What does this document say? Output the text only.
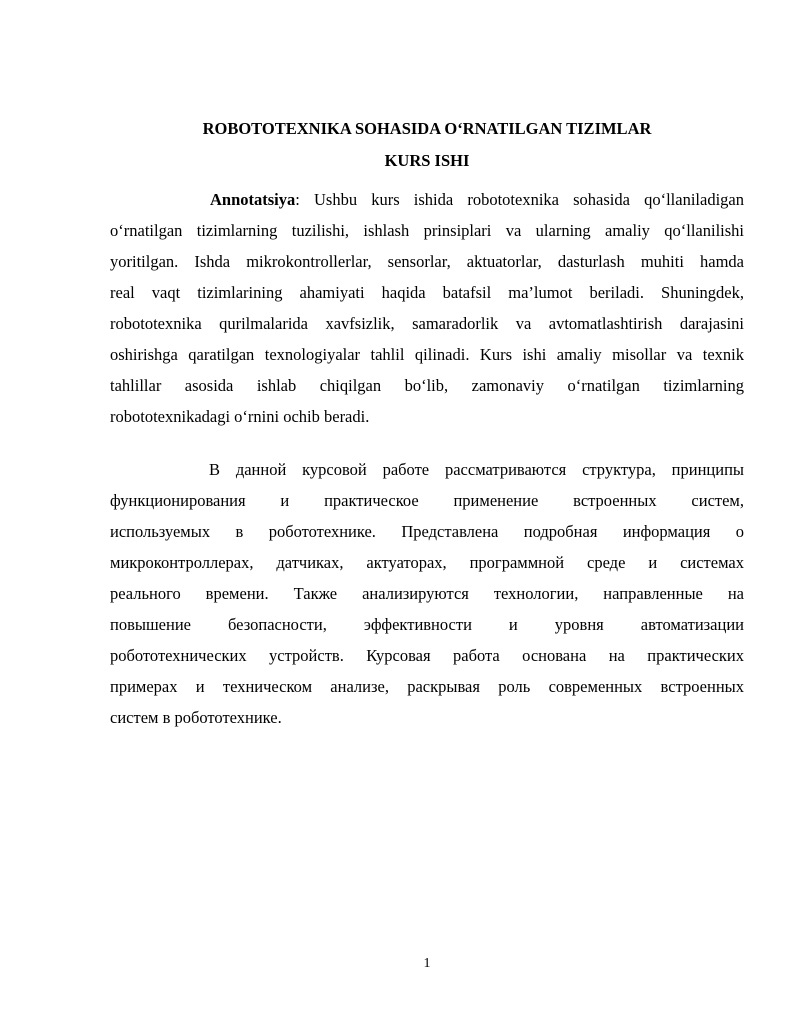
ROBOTOTEXNIKA SOHASIDA O‘RNATILGAN TIZIMLAR
KURS ISHI
Annotatsiya: Ushbu kurs ishida robototexnika sohasida qo‘llaniladigan
o‘rnatilgan tizimlarning tuzilishi, ishlash prinsiplari va ularning amaliy qo‘llanilishi
yoritilgan. Ishda mikrokontrollerlar, sensorlar, aktuatorlar, dasturlash muhiti hamda
real vaqt tizimlarining ahamiyati haqida batafsil ma’lumot beriladi. Shuningdek,
robototexnika qurilmalarida xavfsizlik, samaradorlik va avtomatlashtirish darajasini
oshirishga qaratilgan texnologiyalar tahlil qilinadi. Kurs ishi amaliy misollar va texnik
tahlillar asosida ishlab chiqilgan bo‘lib, zamonaviy o‘rnatilgan tizimlarning
robototexnikadagi o‘rnini ochib beradi.
В данной курсовой работе рассматриваются структура, принципы
функционирования и практическое применение встроенных систем,
используемых в робототехнике. Представлена подробная информация о
микроконтроллерах, датчиках, актуаторах, программной среде и системах
реального времени. Также анализируются технологии, направленные на
повышение безопасности, эффективности и уровня автоматизации
робототехнических устройств. Курсовая работа основана на практических
примерах и техническом анализе, раскрывая роль современных встроенных
систем в робототехнике.
1
